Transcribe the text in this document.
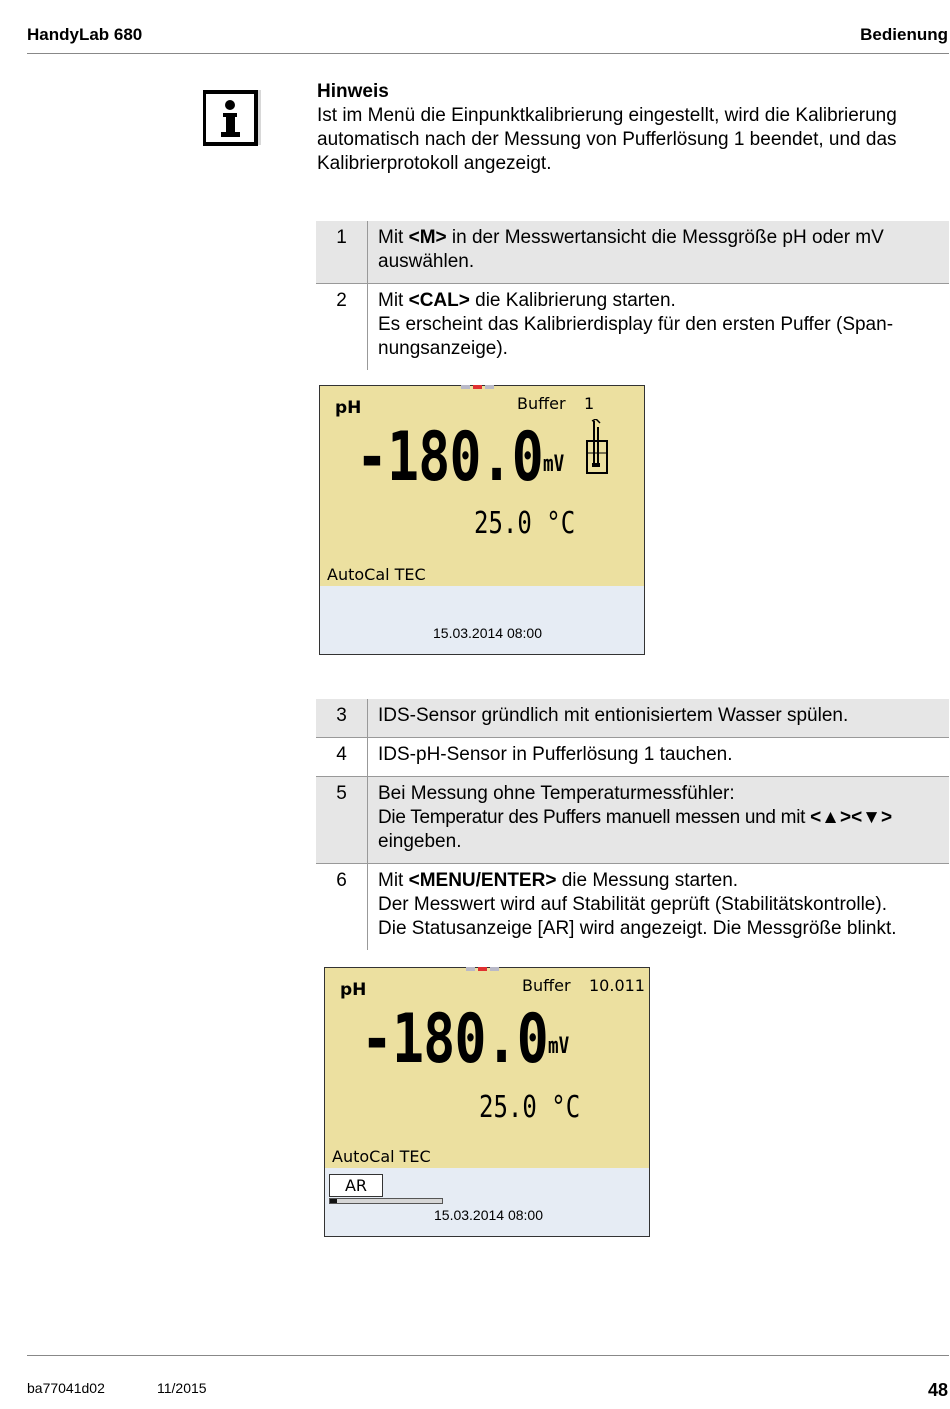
HandyLab 680	Bedienung
Hinweis
Ist im Menü die Einpunktkalibrierung eingestellt, wird die Kalibrierung automatisch nach der Messung von Pufferlösung 1 beendet, und das Kalibrierprotokoll angezeigt.
1	Mit <M> in der Messwertansicht die Messgröße pH oder mV auswählen.
2	Mit <CAL> die Kalibrierung starten.
Es erscheint das Kalibrierdisplay für den ersten Puffer (Span-nungsanzeige).
pH	Buffer 1
-180.0 mV
25.0 °C
AutoCal TEC
15.03.2014 08:00
3	IDS-Sensor gründlich mit entionisiertem Wasser spülen.
4	IDS-pH-Sensor in Pufferlösung 1 tauchen.
5	Bei Messung ohne Temperaturmessfühler:
Die Temperatur des Puffers manuell messen und mit <▲><▼>
eingeben.
6	Mit <MENU/ENTER> die Messung starten.
Der Messwert wird auf Stabilität geprüft (Stabilitätskontrolle).
Die Statusanzeige [AR] wird angezeigt. Die Messgröße blinkt.
pH	Buffer 10.011
-180.0 mV
25.0 °C
AutoCal TEC
AR
15.03.2014 08:00
ba77041d02	11/2015	48
